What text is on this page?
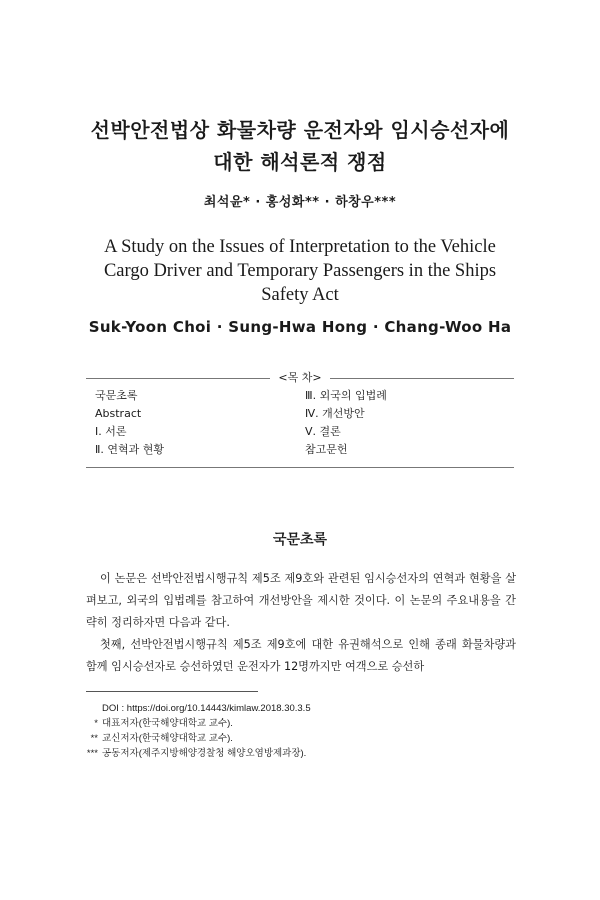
선박안전법상 화물차량 운전자와 임시승선자에
대한 해석론적 쟁점
최석윤* · 홍성화** · 하창우***
A Study on the Issues of Interpretation to the Vehicle
Cargo Driver and Temporary Passengers in the Ships
Safety Act
Suk-Yoon Choi · Sung-Hwa Hong · Chang-Woo Ha
국문초록
Abstract
Ⅰ. 서론
Ⅱ. 연혁과 현황
Ⅲ. 외국의 입법례
Ⅳ. 개선방안
Ⅴ. 결론
참고문헌
<목 차>
국문초록

이 논문은 선박안전법시행규칙 제5조 제9호와 관련된 임시승선자의 연혁과 현황을 살펴보고, 외국의 입법례를 참고하여 개선방안을 제시한 것이다. 이 논문의 주요내용을 간략히 정리하자면 다음과 같다.

첫째, 선박안전법시행규칙 제5조 제9호에 대한 유권해석으로 인해 종래 화물차량과 함께 임시승선자로 승선하였던 운전자가 12명까지만 여객으로 승선하

DOI : https://doi.org/10.14443/kimlaw.2018.30.3.5
* 대표저자(한국해양대학교 교수).
** 교신저자(한국해양대학교 교수).
*** 공동저자(제주지방해양경찰청 해양오염방제과장).
